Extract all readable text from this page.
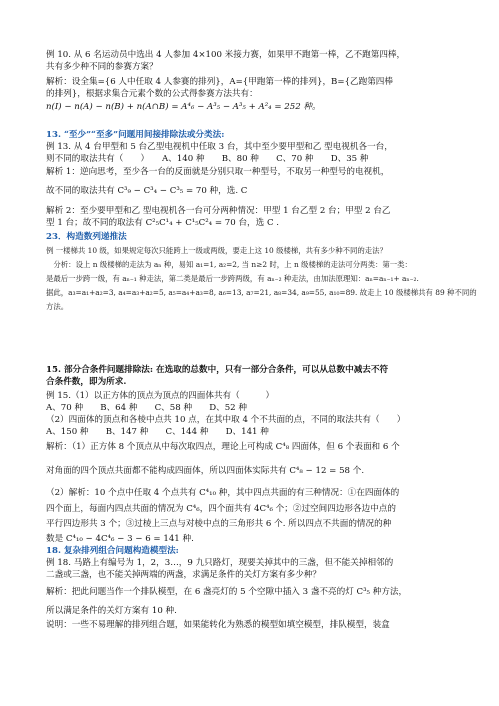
例 10. 从 6 名运动员中选出 4 人参加 4×100 米接力赛，如果甲不跑第一棒，乙不跑第四棒，
共有多少种不同的参赛方案？
解析：设全集={6 人中任取 4 人参赛的排列}，A={甲跑第一棒的排列}，B={乙跑第四棒
的排列}，根据求集合元素个数的公式得参赛方法共有：
n(I) − n(A) − n(B) + n(A∩B) = A⁴₆ − A³₅ − A³₅ + A²₄ = 252 种。
13. “至少”“至多”问题用间接排除法或分类法:
例 13. 从 4 台甲型和 5 台乙型电视机中任取 3 台，其中至少要甲型和乙 型电视机各一台，
则不同的取法共有（　　）　　A、140 种　　B、80 种　　C、70 种　　D、35 种
解析 1：逆向思考，至少各一台的反面就是分别只取一种型号，不取另一种型号的电视机，
故不同的取法共有 C³₉ − C³₄ − C³₅ = 70 种，选. C
解析 2：至少要甲型和乙 型电视机各一台可分两种情况：甲型 1 台乙型 2 台；甲型 2 台乙
型 1 台；故不同的取法有 C²₅C¹₄ + C¹₅C²₄ = 70 台，选 C .
23．构造数列递推法
例 一楼梯共 10 级，如果规定每次只能跨上一级或两级，要走上这 10 级楼梯，共有多少种不同的走法？
　分析：设上 n 级楼梯的走法为 aₙ 种，易知 a₁=1, a₂=2, 当 n≥2 时，上 n 级楼梯的走法可分两类：第一类：
是最后一步跨一级，有 aₙ₋₁ 种走法，第二类是最后一步跨两级，有 aₙ₋₂ 种走法，由加法原理知：aₙ=aₙ₋₁+ aₙ₋₂.
据此，a₃=a₁+a₂=3, a₄=a₃+a₂=5, a₅=a₄+a₃=8, a₆=13, a₇=21, a₈=34, a₉=55, a₁₀=89. 故走上 10 级楼梯共有 89 种不同的
方法。
15. 部分合条件问题排除法: 在选取的总数中，只有一部分合条件，可以从总数中减去不符
合条件数，即为所求.
例 15.（1）以正方体的顶点为顶点的四面体共有（　　　）
A、70 种　　B、64 种　　C、58 种　　D、52 种
（2）四面体的顶点和各棱中点共 10 点，在其中取 4 个不共面的点，不同的取法共有（　　）
A、150 种　　B、147 种　　C、144 种　　D、141 种
解析：（1）正方体 8 个顶点从中每次取四点，理论上可构成 C⁴₈ 四面体，但 6 个表面和 6 个
对角面的四个顶点共面都不能构成四面体，所以四面体实际共有 C⁴₈ − 12 = 58 个.
（2）解析：10 个点中任取 4 个点共有 C⁴₁₀ 种，其中四点共面的有三种情况：①在四面体的
四个面上，每面内四点共面的情况为 C⁴₆，四个面共有 4C⁴₆ 个；②过空间四边形各边中点的
平行四边形共 3 个；③过棱上三点与对棱中点的三角形共 6 个. 所以四点不共面的情况的种
数是 C⁴₁₀ − 4C⁴₆ − 3 − 6 = 141 种.
18. 复杂排列组合问题构造模型法:
例 18. 马路上有编号为 1，2，3…，9 九只路灯，现要关掉其中的三盏，但不能关掉相邻的
二盏或三盏，也不能关掉两端的两盏，求满足条件的关灯方案有多少种？
解析：把此问题当作一个排队模型，在 6 盏亮灯的 5 个空隙中插入 3 盏不亮的灯 C³₅ 种方法，
所以满足条件的关灯方案有 10 种.
说明：一些不易理解的排列组合题，如果能转化为熟悉的模型如填空模型，排队模型，装盒
